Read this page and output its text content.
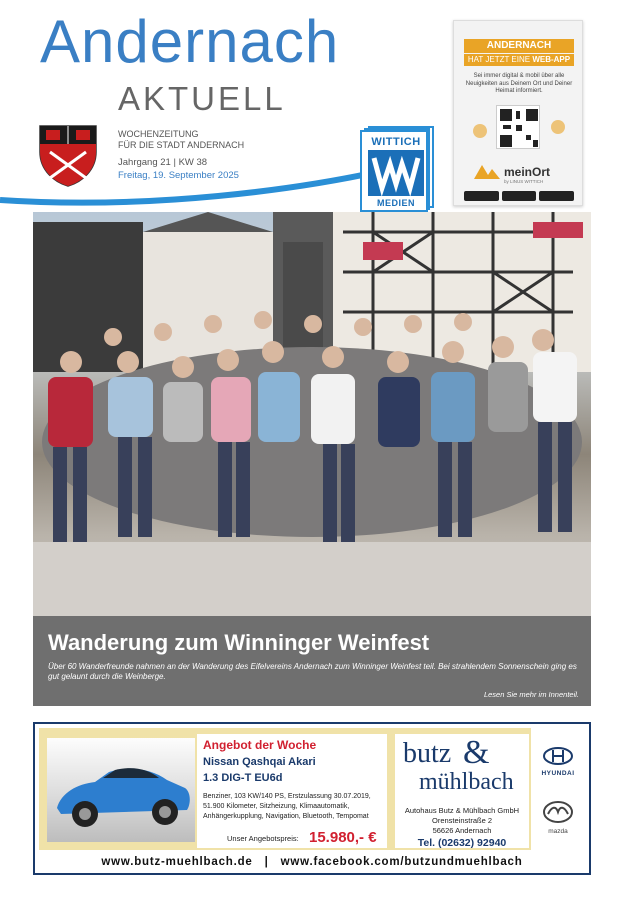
Andernach
AKTUELL
WOCHENZEITUNG
FÜR DIE STADT ANDERNACH
Jahrgang 21 | KW 38
Freitag, 19. September 2025
WITTICH
MEDIEN
ANDERNACH
HAT JETZT EINE WEB-APP
Sei immer digital & mobil über alle Neuigkeiten aus Deinem Ort und Deiner Heimat informiert.
meinOrt
by LINUS WITTICH
Wanderung zum Winninger Weinfest

Über 60 Wanderfreunde nahmen an der Wanderung des Eifelvereins Andernach zum Winninger Weinfest teil. Bei strahlendem Sonnenschein ging es gut gelaunt durch die Weinberge.

Lesen Sie mehr im Innenteil.
Angebot der Woche
Nissan Qashqai Akari
1.3 DIG-T EU6d
Benziner, 103 KW/140 PS, Erstzulassung 30.07.2019, 51.900 Kilometer, Sitzheizung, Klimaautomatik, Anhängerkupplung, Navigation, Bluetooth, Tempomat
Unser Angebotspreis: 15.980,- €
butz &
mühlbach
Autohaus Butz & Mühlbach GmbH
Orensteinstraße 2
56626 Andernach
Tel. (02632) 92940
HYUNDAI
mazda
www.butz-muehlbach.de | www.facebook.com/butzundmuehlbach
